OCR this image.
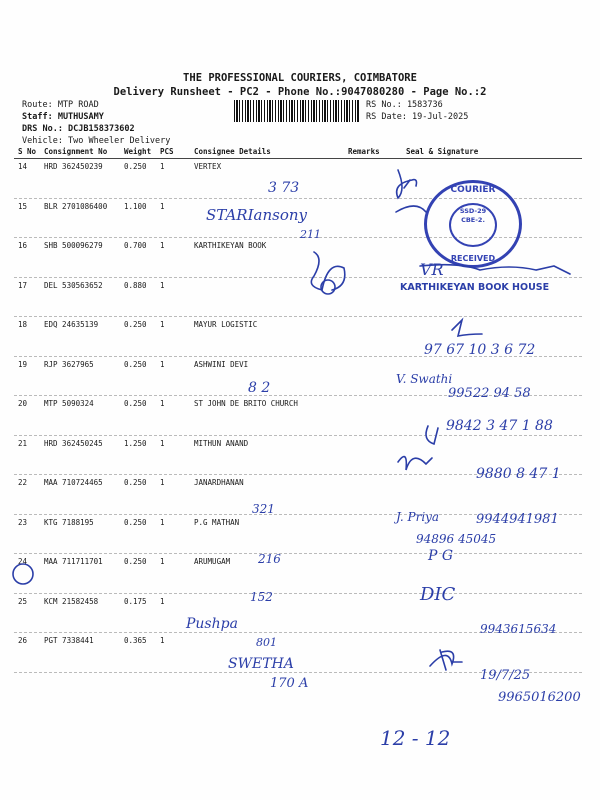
THE PROFESSIONAL COURIERS, COIMBATORE
Delivery Runsheet - PC2 - Phone No.:9047080280 - Page No.:2
Route: MTP ROAD
Staff: MUTHUSAMY
DRS No.: DCJB158373602
Vehicle: Two Wheeler Delivery
RS No.: 1583736
RS Date: 19-Jul-2025
S No Consignment No Weight PCS	Consignee Details	Remarks	Seal & Signature
14 HRD 362450239	0.250 1	VERTEX
15 BLR 2701086400 1.100 1
16 SHB 500096279	0.700 1	KARTHIKEYAN BOOK
17 DEL 530563652	0.880 1
18 EDQ 24635139	0.250 1	MAYUR LOGISTIC
19 RJP 3627965	0.250 1	ASHWINI DEVI
20 MTP 5090324	0.250 1	ST JOHN DE BRITO CHURCH
21 HRD 362450245	1.250 1	MITHUN ANAND
22 MAA 710724465	0.250 1	JANARDHANAN
23 KTG 7188195	0.250 1	P.G MATHAN
24 MAA 711711701	0.250 1	ARUMUGAM
25 KCM 21582458	0.175 1
26 PGT 7338441	0.365 1
COURIER
SSD-29
CBE-2.
RECEIVED
KARTHIKEYAN BOOK HOUSE
3 73
STARIansony
211
VR
97 67 10 3 6 72
V. Swathi
99522 94 58
9842 3 47 1 88
9880 8 47 1
321
J. Priya	9944941981
94896 45045
P G
216
DIC
152
Pushpa	9943615634
801
SWETHA
170 A
19/7/25
9965016200
12 - 12
8 2
